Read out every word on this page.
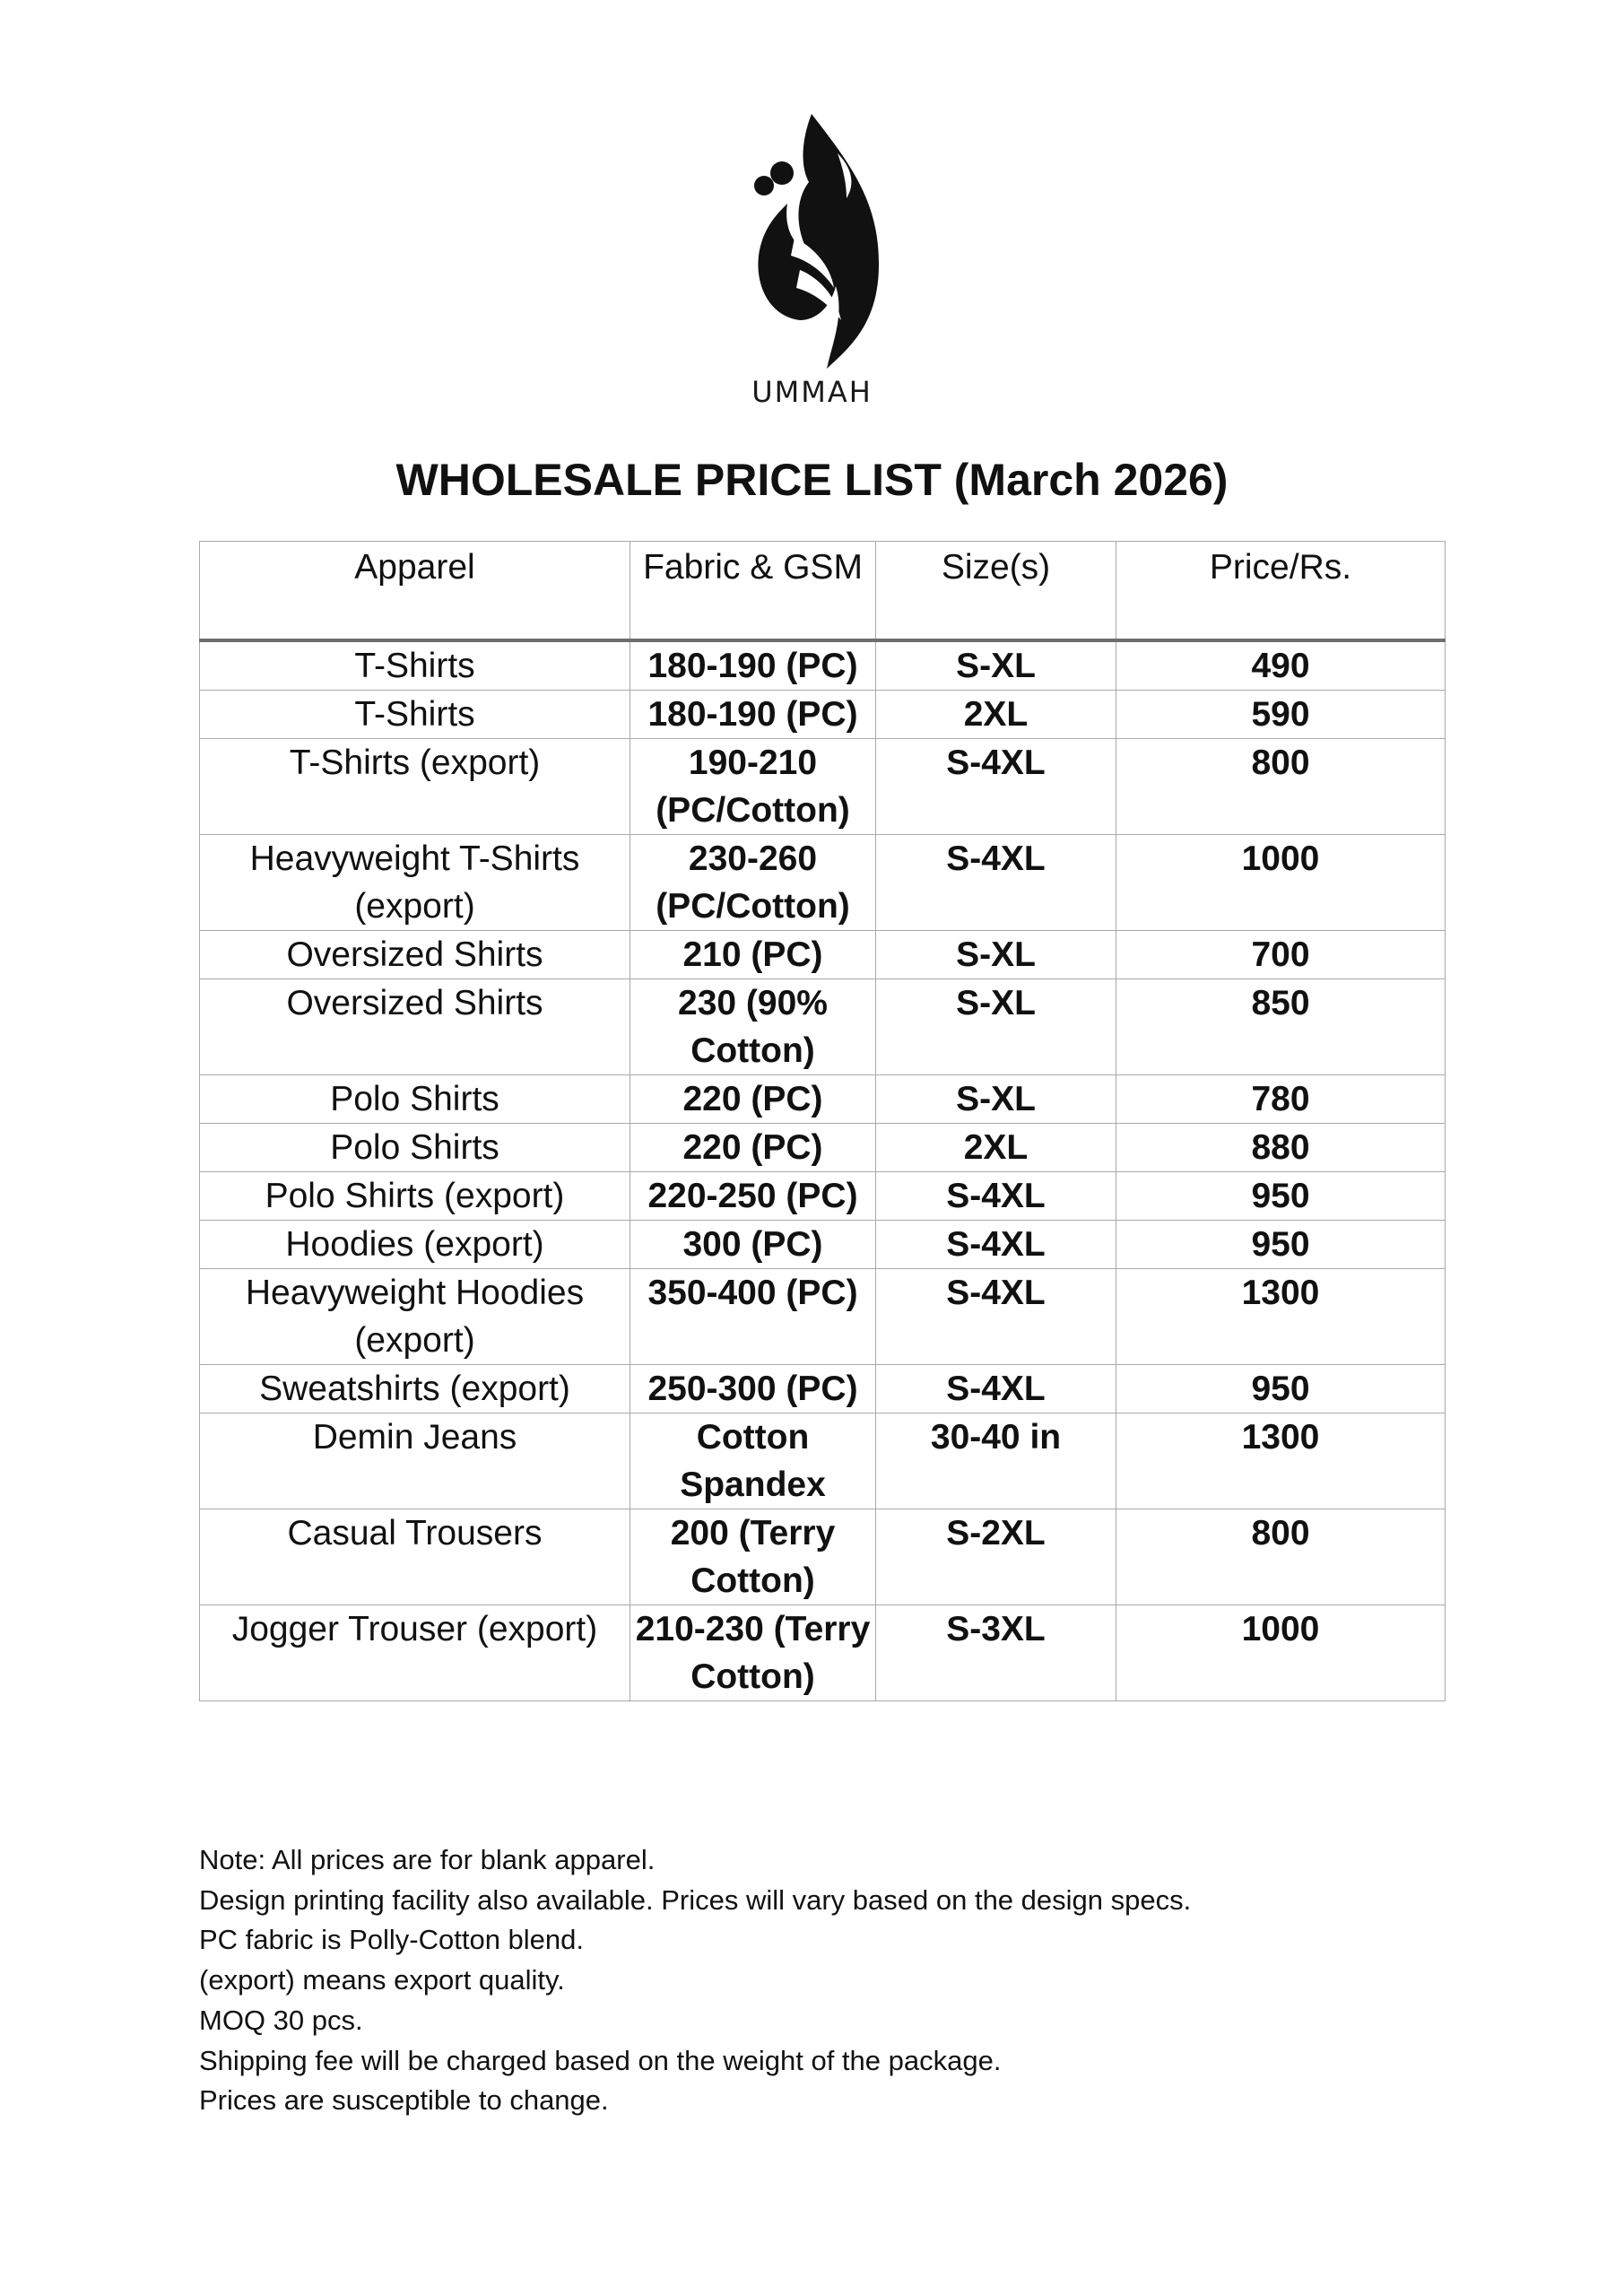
UMMAH
WHOLESALE PRICE LIST (March 2026)
Apparel	Fabric & GSM	Size(s)	Price/Rs.
T-Shirts	180-190 (PC)	S-XL	490
T-Shirts	180-190 (PC)	2XL	590
T-Shirts (export)	190-210 (PC/Cotton)	S-4XL	800
Heavyweight T-Shirts (export)	230-260 (PC/Cotton)	S-4XL	1000
Oversized Shirts	210 (PC)	S-XL	700
Oversized Shirts	230 (90% Cotton)	S-XL	850
Polo Shirts	220 (PC)	S-XL	780
Polo Shirts	220 (PC)	2XL	880
Polo Shirts (export)	220-250 (PC)	S-4XL	950
Hoodies (export)	300 (PC)	S-4XL	950
Heavyweight Hoodies (export)	350-400 (PC)	S-4XL	1300
Sweatshirts (export)	250-300 (PC)	S-4XL	950
Demin Jeans	Cotton Spandex	30-40 in	1300
Casual Trousers	200 (Terry Cotton)	S-2XL	800
Jogger Trouser (export)	210-230 (Terry Cotton)	S-3XL	1000
Note: All prices are for blank apparel.
Design printing facility also available. Prices will vary based on the design specs.
PC fabric is Polly-Cotton blend.
(export) means export quality.
MOQ 30 pcs.
Shipping fee will be charged based on the weight of the package.
Prices are susceptible to change.
